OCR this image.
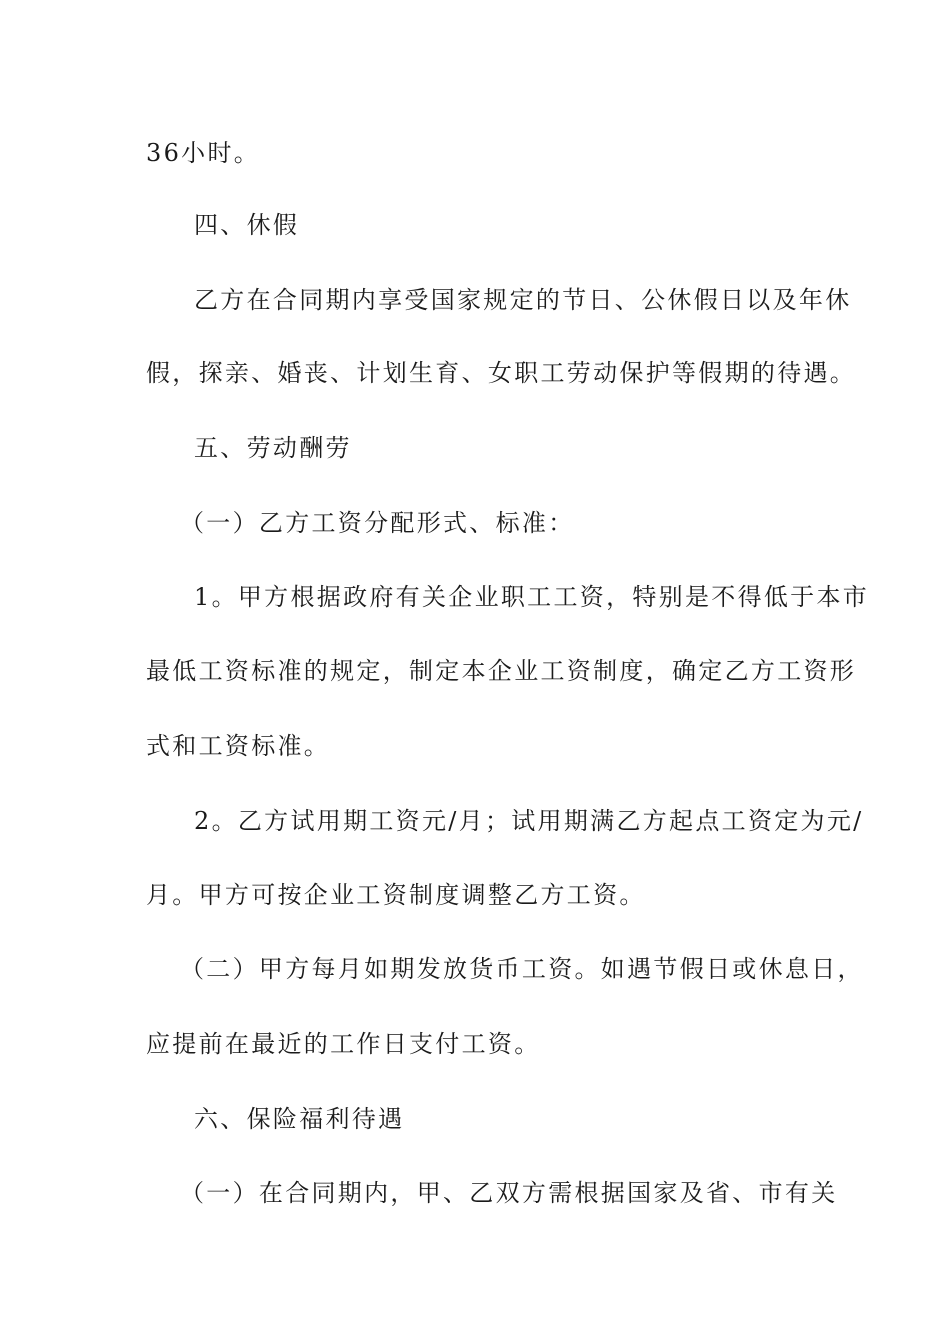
36小时。
四、休假
乙方在合同期内享受国家规定的节日、公休假日以及年休
假，探亲、婚丧、计划生育、女职工劳动保护等假期的待遇。
五、劳动酬劳
（一）乙方工资分配形式、标准：
1。甲方根据政府有关企业职工工资，特别是不得低于本市
最低工资标准的规定，制定本企业工资制度，确定乙方工资形
式和工资标准。
2。乙方试用期工资元/月；试用期满乙方起点工资定为元/
月。甲方可按企业工资制度调整乙方工资。
（二）甲方每月如期发放货币工资。如遇节假日或休息日，
应提前在最近的工作日支付工资。
六、保险福利待遇
（一）在合同期内，甲、乙双方需根据国家及省、市有关
